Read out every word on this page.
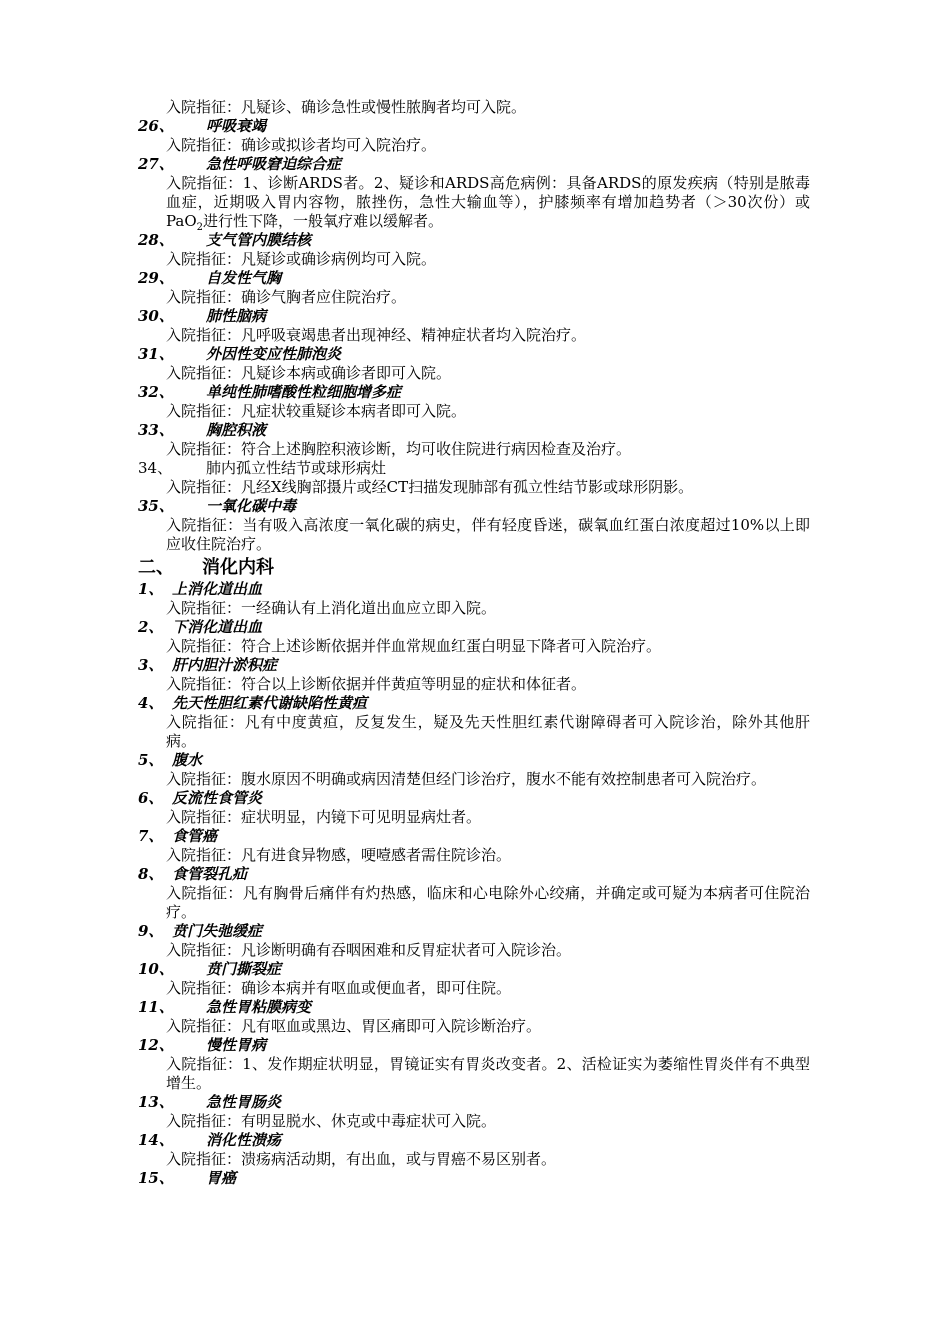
入院指征：凡疑诊、确诊急性或慢性脓胸者均可入院。
26、 呼吸衰竭
入院指征：确诊或拟诊者均可入院治疗。
27、 急性呼吸窘迫综合症
入院指征：1、诊断ARDS者。2、疑诊和ARDS高危病例：具备ARDS的原发疾病（特别是脓毒血症，近期吸入胃内容物，脓挫伤，急性大输血等），护膝频率有增加趋势者（＞30次份）或PaO$_2$进行性下降，一般氧疗难以缓解者。
28、 支气管内膜结核
入院指征：凡疑诊或确诊病例均可入院。
29、 自发性气胸
入院指征：确诊气胸者应住院治疗。
30、 肺性脑病
入院指征：凡呼吸衰竭患者出现神经、精神症状者均入院治疗。
31、 外因性变应性肺泡炎
入院指征：凡疑诊本病或确诊者即可入院。
32、 单纯性肺嗜酸性粒细胞增多症
入院指征：凡症状较重疑诊本病者即可入院。
33、 胸腔积液
入院指征：符合上述胸腔积液诊断，均可收住院进行病因检查及治疗。
34、 肺内孤立性结节或球形病灶
入院指征：凡经X线胸部摄片或经CT扫描发现肺部有孤立性结节影或球形阴影。
35、 一氧化碳中毒
入院指征：当有吸入高浓度一氧化碳的病史，伴有轻度昏迷，碳氧血红蛋白浓度超过10%以上即应收住院治疗。
二、 消化内科
1、 上消化道出血
入院指征：一经确认有上消化道出血应立即入院。
2、 下消化道出血
入院指征：符合上述诊断依据并伴血常规血红蛋白明显下降者可入院治疗。
3、 肝内胆汁淤积症
入院指征：符合以上诊断依据并伴黄疸等明显的症状和体征者。
4、 先天性胆红素代谢缺陷性黄疸
入院指征：凡有中度黄疸，反复发生，疑及先天性胆红素代谢障碍者可入院诊治，除外其他肝病。
5、 腹水
入院指征：腹水原因不明确或病因清楚但经门诊治疗，腹水不能有效控制患者可入院治疗。
6、 反流性食管炎
入院指征：症状明显，内镜下可见明显病灶者。
7、 食管癌
入院指征：凡有进食异物感，哽噎感者需住院诊治。
8、 食管裂孔疝
入院指征：凡有胸骨后痛伴有灼热感，临床和心电除外心绞痛，并确定或可疑为本病者可住院治疗。
9、 贲门失弛缓症
入院指征：凡诊断明确有吞咽困难和反胃症状者可入院诊治。
10、 贲门撕裂症
入院指征：确诊本病并有呕血或便血者，即可住院。
11、 急性胃粘膜病变
入院指征：凡有呕血或黑边、胃区痛即可入院诊断治疗。
12、 慢性胃病
入院指征：1、发作期症状明显，胃镜证实有胃炎改变者。2、活检证实为萎缩性胃炎伴有不典型增生。
13、 急性胃肠炎
入院指征：有明显脱水、休克或中毒症状可入院。
14、 消化性溃疡
入院指征：溃疡病活动期，有出血，或与胃癌不易区别者。
15、 胃癌
